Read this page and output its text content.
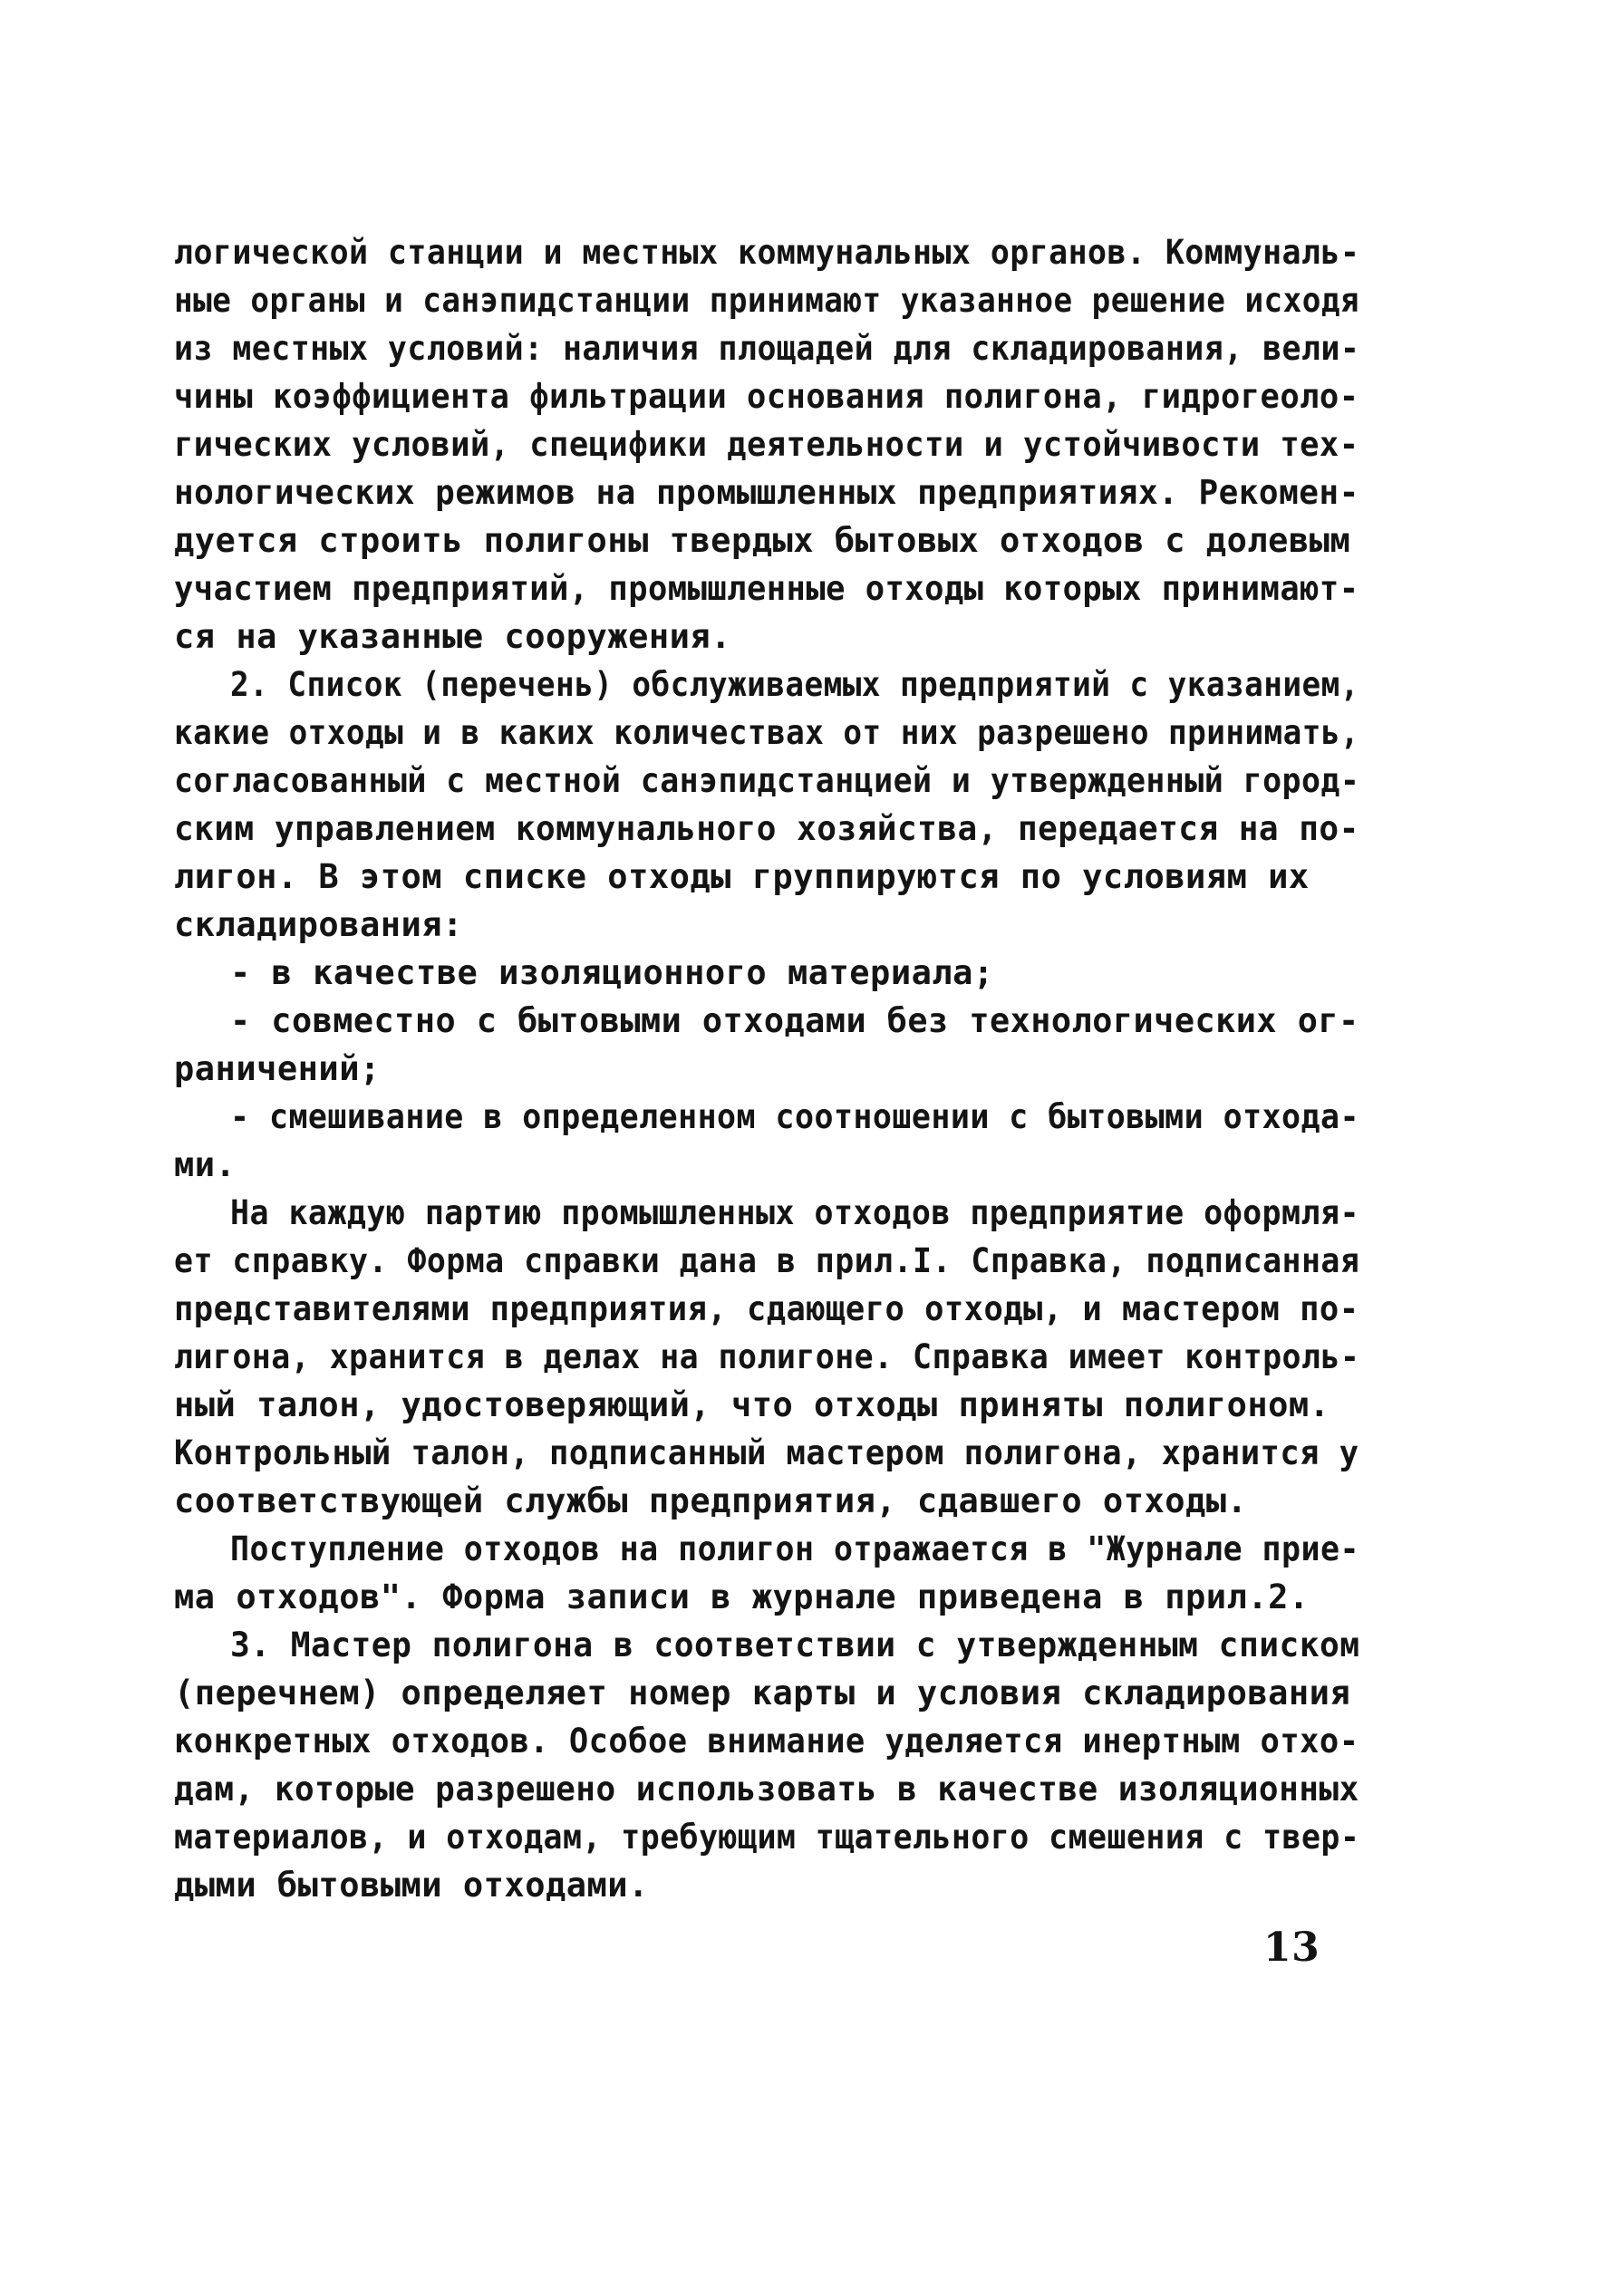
логической станции и местных коммунальных органов. Коммуналь-
ные органы и санэпидстанции принимают указанное решение исходя
из местных условий: наличия площадей для складирования, вели-
чины коэффициента фильтрации основания полигона, гидрогеоло-
гических условий, специфики деятельности и устойчивости тех-
нологических режимов на промышленных предприятиях. Рекомен-
дуется строить полигоны твердых бытовых отходов с долевым
участием предприятий, промышленные отходы которых принимают-
ся на указанные сооружения.
2. Список (перечень) обслуживаемых предприятий с указанием,
какие отходы и в каких количествах от них разрешено принимать,
согласованный с местной санэпидстанцией и утвержденный город-
ским управлением коммунального хозяйства, передается на по-
лигон. В этом списке отходы группируются по условиям их
складирования:
- в качестве изоляционного материала;
- совместно с бытовыми отходами без технологических ог-
раничений;
- смешивание в определенном соотношении с бытовыми отхода-
ми.
На каждую партию промышленных отходов предприятие оформля-
ет справку. Форма справки дана в прил.I. Справка, подписанная
представителями предприятия, сдающего отходы, и мастером по-
лигона, хранится в делах на полигоне. Справка имеет контроль-
ный талон, удостоверяющий, что отходы приняты полигоном.
Контрольный талон, подписанный мастером полигона, хранится у
соответствующей службы предприятия, сдавшего отходы.
Поступление отходов на полигон отражается в "Журнале прие-
ма отходов". Форма записи в журнале приведена в прил.2.
3. Мастер полигона в соответствии с утвержденным списком
(перечнем) определяет номер карты и условия складирования
конкретных отходов. Особое внимание уделяется инертным отхо-
дам, которые разрешено использовать в качестве изоляционных
материалов, и отходам, требующим тщательного смешения с твер-
дыми бытовыми отходами.
13
